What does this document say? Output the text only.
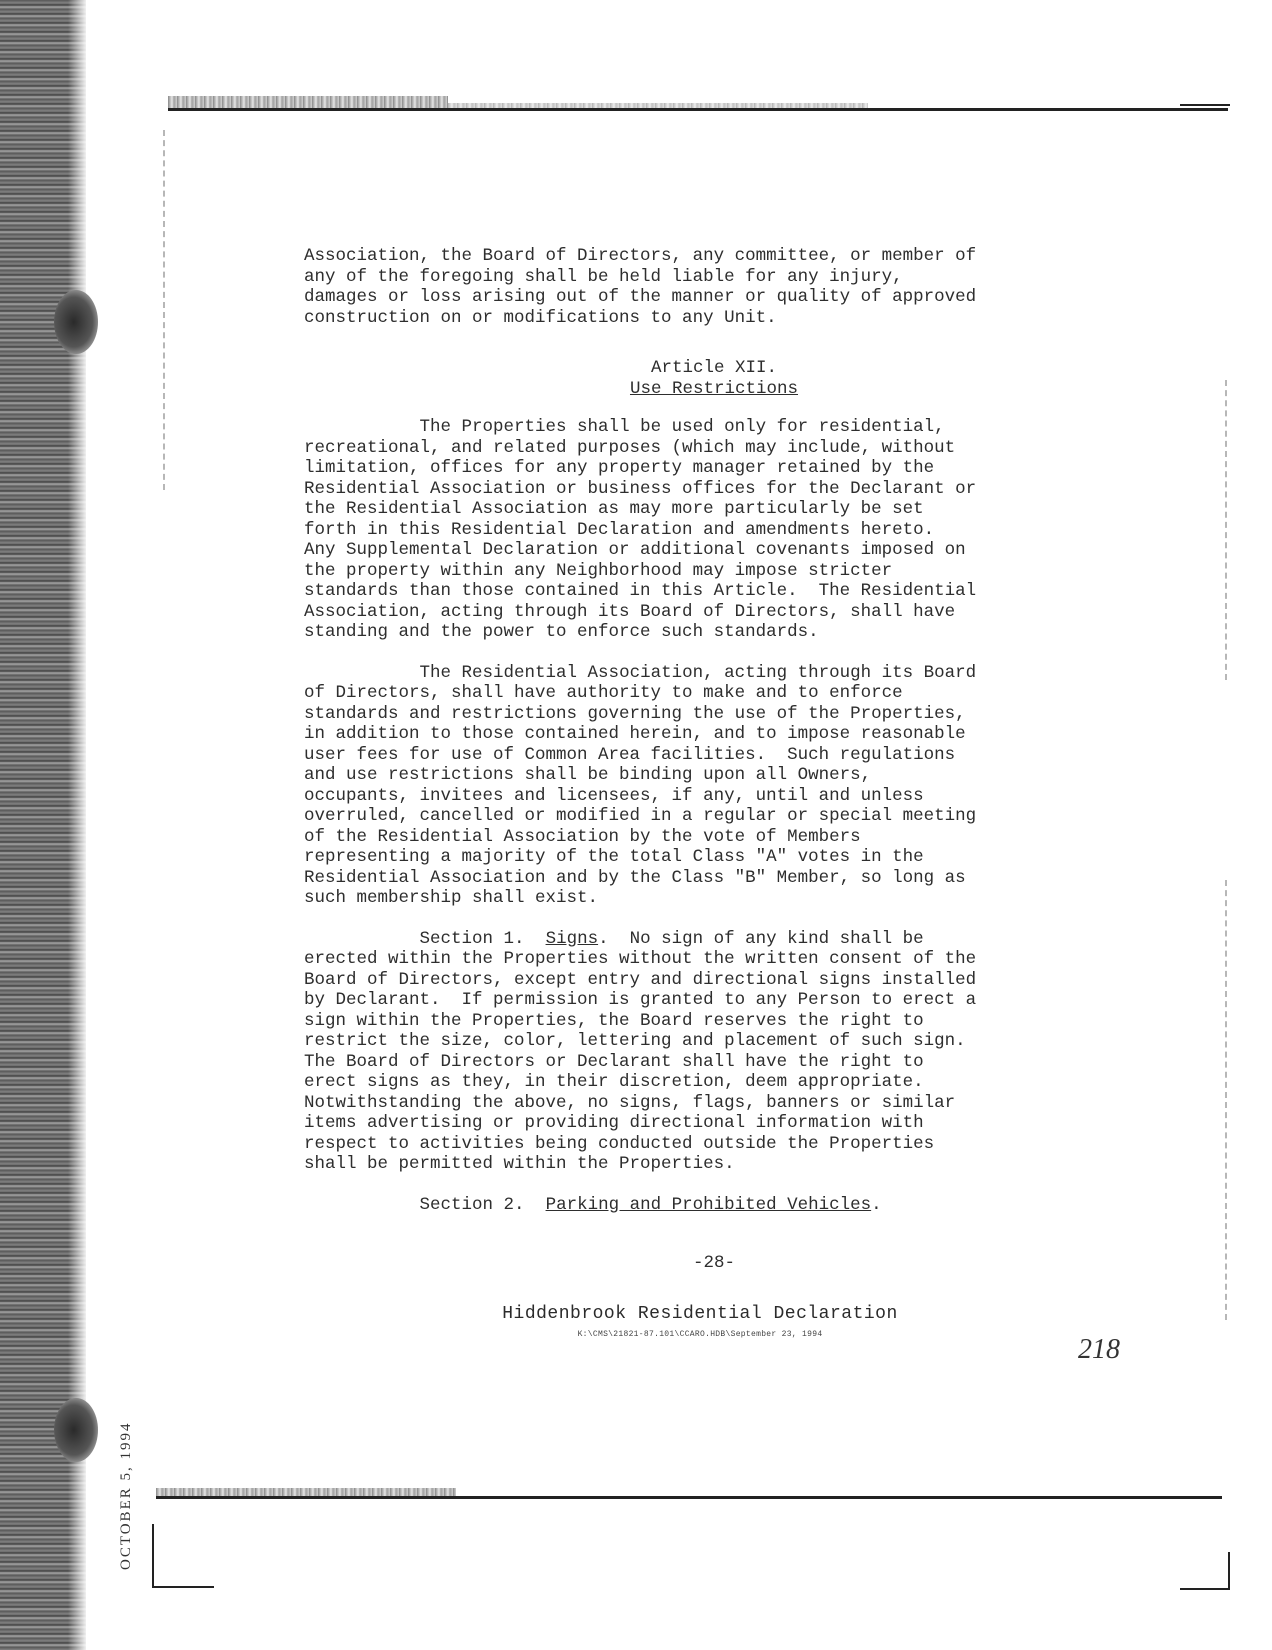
OCTOBER 5, 1994

Association, the Board of Directors, any committee, or member of
any of the foregoing shall be held liable for any injury,
damages or loss arising out of the manner or quality of approved
construction on or modifications to any Unit.

Article XII.
Use Restrictions

The Properties shall be used only for residential,
recreational, and related purposes (which may include, without
limitation, offices for any property manager retained by the
Residential Association or business offices for the Declarant or
the Residential Association as may more particularly be set
forth in this Residential Declaration and amendments hereto.
Any Supplemental Declaration or additional covenants imposed on
the property within any Neighborhood may impose stricter
standards than those contained in this Article.  The Residential
Association, acting through its Board of Directors, shall have
standing and the power to enforce such standards.

The Residential Association, acting through its Board
of Directors, shall have authority to make and to enforce
standards and restrictions governing the use of the Properties,
in addition to those contained herein, and to impose reasonable
user fees for use of Common Area facilities.  Such regulations
and use restrictions shall be binding upon all Owners,
occupants, invitees and licensees, if any, until and unless
overruled, cancelled or modified in a regular or special meeting
of the Residential Association by the vote of Members
representing a majority of the total Class "A" votes in the
Residential Association and by the Class "B" Member, so long as
such membership shall exist.

Section 1.  Signs.  No sign of any kind shall be
erected within the Properties without the written consent of the
Board of Directors, except entry and directional signs installed
by Declarant.  If permission is granted to any Person to erect a
sign within the Properties, the Board reserves the right to
restrict the size, color, lettering and placement of such sign.
The Board of Directors or Declarant shall have the right to
erect signs as they, in their discretion, deem appropriate.
Notwithstanding the above, no signs, flags, banners or similar
items advertising or providing directional information with
respect to activities being conducted outside the Properties
shall be permitted within the Properties.

Section 2.  Parking and Prohibited Vehicles.

-28-
Hiddenbrook Residential Declaration
K:\CMS\21821-87.101\CCARO.HDB\September 23, 1994	218
